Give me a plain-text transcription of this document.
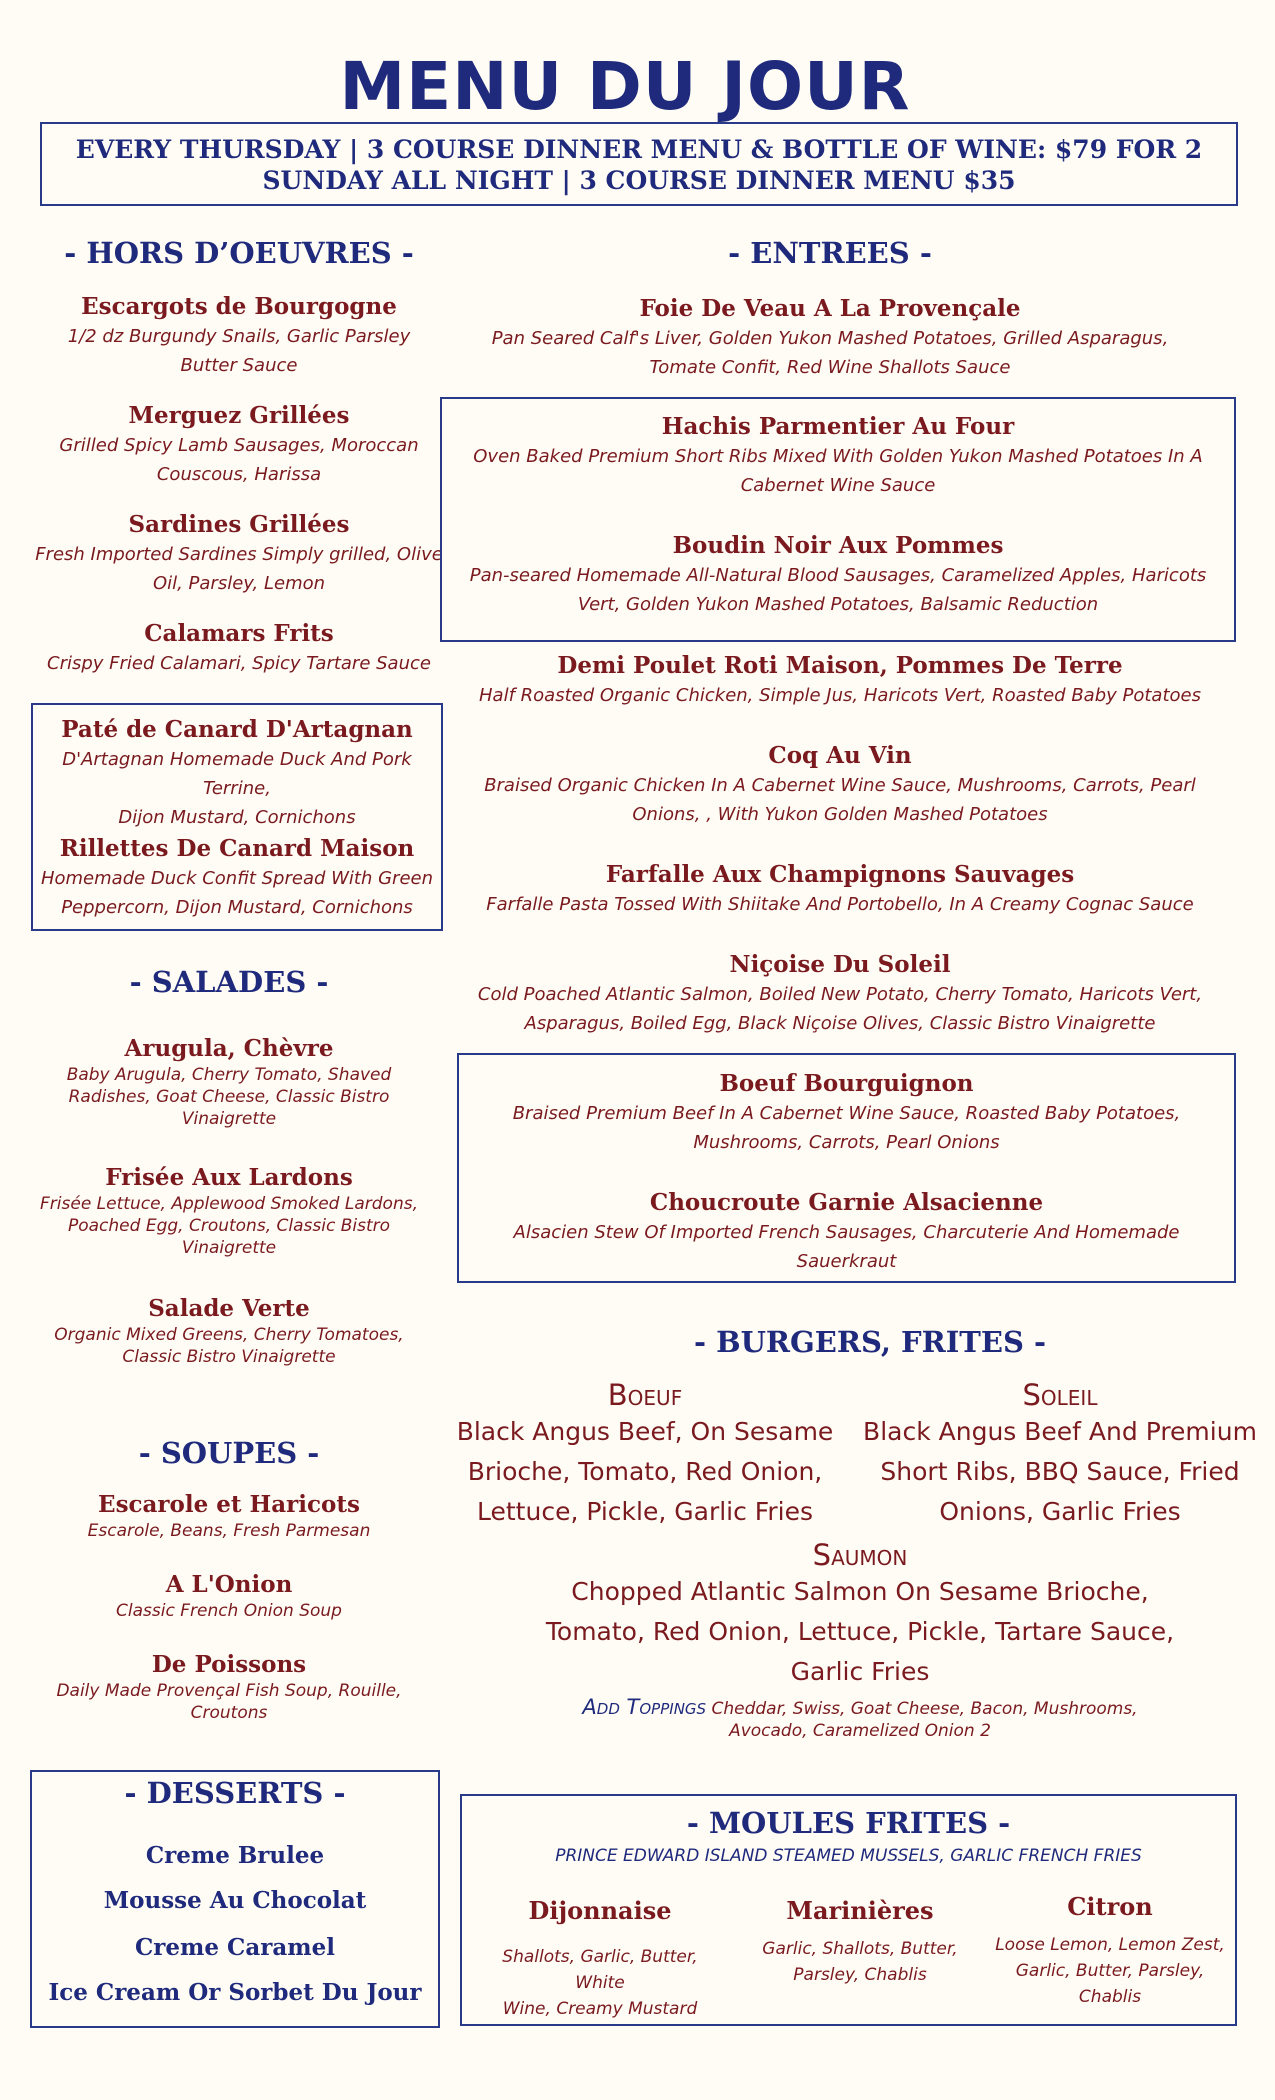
MENU DU JOUR
EVERY THURSDAY | 3 COURSE DINNER MENU & BOTTLE OF WINE: $79 FOR 2
SUNDAY ALL NIGHT | 3 COURSE DINNER MENU $35
- HORS D’OEUVRES -
Escargots de Bourgogne
1/2 dz Burgundy Snails, Garlic Parsley
Butter Sauce
Merguez Grillées
Grilled Spicy Lamb Sausages, Moroccan
Couscous, Harissa
Sardines Grillées
Fresh Imported Sardines Simply grilled, Olive
Oil, Parsley, Lemon
Calamars Frits
Crispy Fried Calamari, Spicy Tartare Sauce
Paté de Canard D'Artagnan
D'Artagnan Homemade Duck And Pork Terrine,
Dijon Mustard, Cornichons
Rillettes De Canard Maison
Homemade Duck Confit Spread With Green
Peppercorn, Dijon Mustard, Cornichons
- SALADES -
Arugula, Chèvre
Baby Arugula, Cherry Tomato, Shaved
Radishes, Goat Cheese, Classic Bistro
Vinaigrette
Frisée Aux Lardons
Frisée Lettuce, Applewood Smoked Lardons,
Poached Egg, Croutons, Classic Bistro
Vinaigrette
Salade Verte
Organic Mixed Greens, Cherry Tomatoes,
Classic Bistro Vinaigrette
- SOUPES -
Escarole et Haricots
Escarole, Beans, Fresh Parmesan
A L'Onion
Classic French Onion Soup
De Poissons
Daily Made Provençal Fish Soup, Rouille,
Croutons
- DESSERTS -
Creme Brulee
Mousse Au Chocolat
Creme Caramel
Ice Cream Or Sorbet Du Jour
- ENTREES -
Foie De Veau A La Provençale
Pan Seared Calf's Liver, Golden Yukon Mashed Potatoes, Grilled Asparagus,
Tomate Confit, Red Wine Shallots Sauce
Hachis Parmentier Au Four
Oven Baked Premium Short Ribs Mixed With Golden Yukon Mashed Potatoes In A
Cabernet Wine Sauce
Boudin Noir Aux Pommes
Pan-seared Homemade All-Natural Blood Sausages, Caramelized Apples, Haricots
Vert, Golden Yukon Mashed Potatoes, Balsamic Reduction
Demi Poulet Roti Maison, Pommes De Terre
Half Roasted Organic Chicken, Simple Jus, Haricots Vert, Roasted Baby Potatoes
Coq Au Vin
Braised Organic Chicken In A Cabernet Wine Sauce, Mushrooms, Carrots, Pearl
Onions, , With Yukon Golden Mashed Potatoes
Farfalle Aux Champignons Sauvages
Farfalle Pasta Tossed With Shiitake And Portobello, In A Creamy Cognac Sauce
Niçoise Du Soleil
Cold Poached Atlantic Salmon, Boiled New Potato, Cherry Tomato, Haricots Vert,
Asparagus, Boiled Egg, Black Niçoise Olives, Classic Bistro Vinaigrette
Boeuf Bourguignon
Braised Premium Beef In A Cabernet Wine Sauce, Roasted Baby Potatoes,
Mushrooms, Carrots, Pearl Onions
Choucroute Garnie Alsacienne
Alsacien Stew Of Imported French Sausages, Charcuterie And Homemade
Sauerkraut
- BURGERS, FRITES -
Boeuf
Black Angus Beef, On Sesame
Brioche, Tomato, Red Onion,
Lettuce, Pickle, Garlic Fries
Soleil
Black Angus Beef And Premium
Short Ribs, BBQ Sauce, Fried
Onions, Garlic Fries
Saumon
Chopped Atlantic Salmon On Sesame Brioche,
Tomato, Red Onion, Lettuce, Pickle, Tartare Sauce,
Garlic Fries
Add Toppings Cheddar, Swiss, Goat Cheese, Bacon, Mushrooms,
Avocado, Caramelized Onion 2
- MOULES FRITES -
PRINCE EDWARD ISLAND STEAMED MUSSELS, GARLIC FRENCH FRIES
Dijonnaise
Shallots, Garlic, Butter, White
Wine, Creamy Mustard
Marinières
Garlic, Shallots, Butter,
Parsley, Chablis
Citron
Loose Lemon, Lemon Zest,
Garlic, Butter, Parsley,
Chablis
